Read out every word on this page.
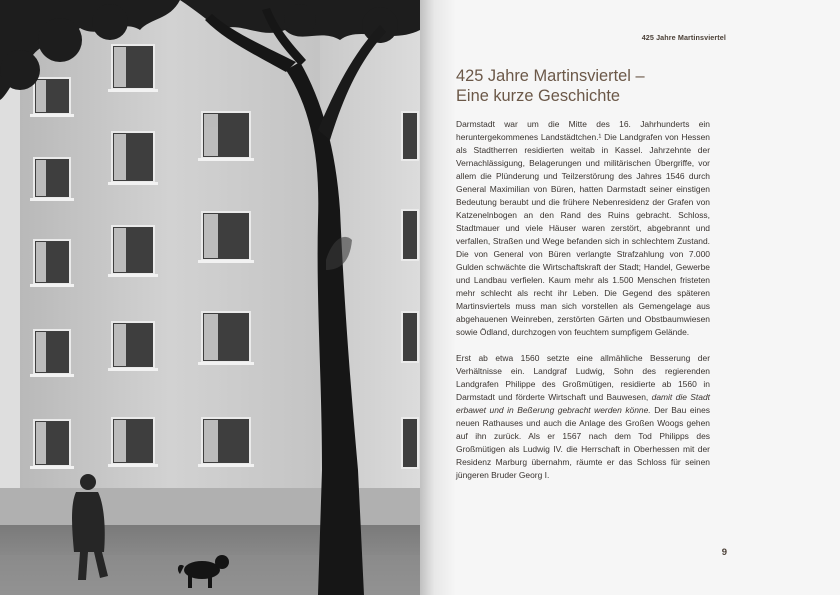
425 Jahre Martinsviertel
425 Jahre Martinsviertel –
Eine kurze Geschichte

Darmstadt war um die Mitte des 16. Jahrhunderts ein heruntergekommenes Landstädtchen.¹ Die Landgrafen von Hessen als Stadtherren residierten weitab in Kassel. Jahrzehnte der Vernachlässigung, Belagerungen und militärischen Übergriffe, vor allem die Plünderung und Teilzerstörung des Jahres 1546 durch General Maximilian von Büren, hatten Darmstadt seiner einstigen Bedeutung beraubt und die frühere Nebenresidenz der Grafen von Katzenelnbogen an den Rand des Ruins gebracht. Schloss, Stadtmauer und viele Häuser waren zerstört, abgebrannt und verfallen, Straßen und Wege befanden sich in schlechtem Zustand. Die von General von Büren verlangte Strafzahlung von 7.000 Gulden schwächte die Wirtschaftskraft der Stadt; Handel, Gewerbe und Landbau verfielen. Kaum mehr als 1.500 Menschen fristeten mehr schlecht als recht ihr Leben. Die Gegend des späteren Martinsviertels muss man sich vorstellen als Gemengelage aus abgehauenen Weinreben, zerstörten Gärten und Obstbaumwiesen sowie Ödland, durchzogen von feuchtem sumpfigem Gelände.

Erst ab etwa 1560 setzte eine allmähliche Besserung der Verhältnisse ein. Landgraf Ludwig, Sohn des regierenden Landgrafen Philippe des Großmütigen, residierte ab 1560 in Darmstadt und förderte Wirtschaft und Bauwesen, damit die Stadt erbawet und in Beßerung gebracht werden könne. Der Bau eines neuen Rathauses und auch die Anlage des Großen Woogs gehen auf ihn zurück. Als er 1567 nach dem Tod Philipps des Großmütigen als Ludwig IV. die Herrschaft in Oberhessen mit der Residenz Marburg übernahm, räumte er das Schloss für seinen jüngeren Bruder Georg I.

9
